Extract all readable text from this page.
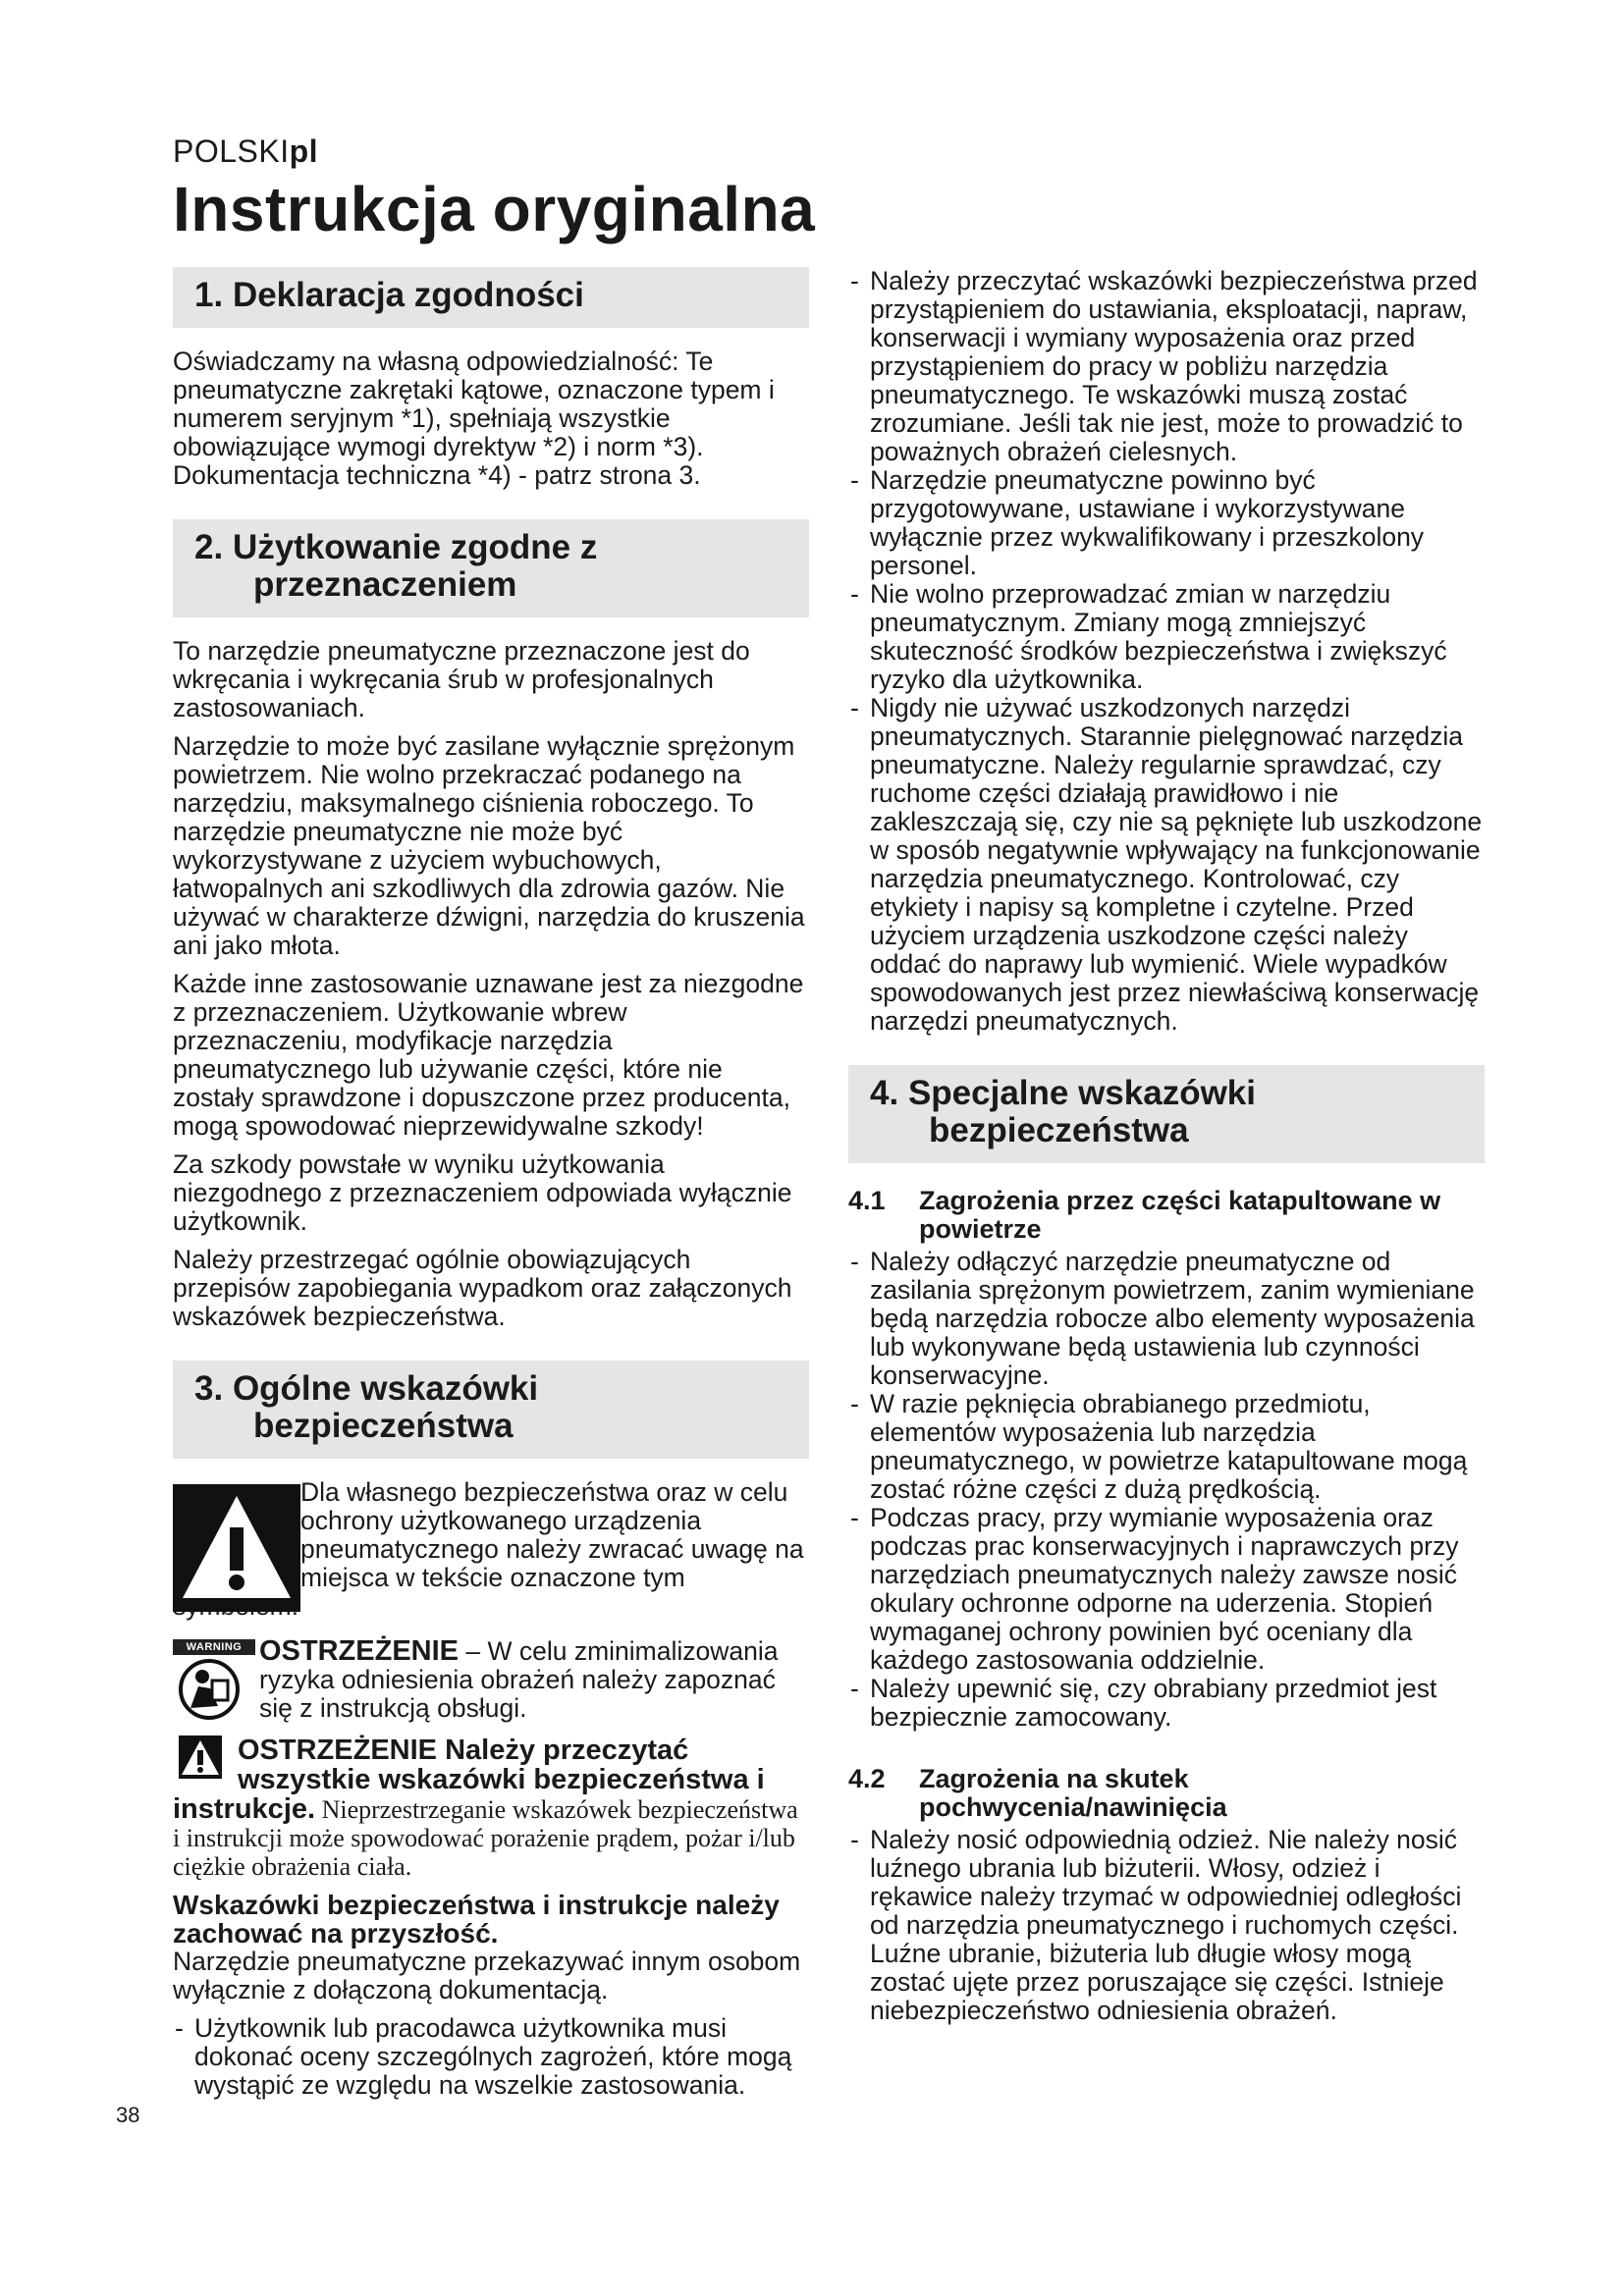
POLSKIpl
Instrukcja oryginalna
1. Deklaracja zgodności

Oświadczamy na własną odpowiedzialność: Te pneumatyczne zakrętaki kątowe, oznaczone typem i numerem seryjnym *1), spełniają wszystkie obowiązujące wymogi dyrektyw *2) i norm *3). Dokumentacja techniczna *4) - patrz strona 3.

2. Użytkowanie zgodne z
przeznaczeniem

To narzędzie pneumatyczne przeznaczone jest do wkręcania i wykręcania śrub w profesjonalnych zastosowaniach.

Narzędzie to może być zasilane wyłącznie sprężonym powietrzem. Nie wolno przekraczać podanego na narzędziu, maksymalnego ciśnienia roboczego. To narzędzie pneumatyczne nie może być wykorzystywane z użyciem wybuchowych, łatwopalnych ani szkodliwych dla zdrowia gazów. Nie używać w charakterze dźwigni, narzędzia do kruszenia ani jako młota.

Każde inne zastosowanie uznawane jest za niezgodne z przeznaczeniem. Użytkowanie wbrew przeznaczeniu, modyfikacje narzędzia pneumatycznego lub używanie części, które nie zostały sprawdzone i dopuszczone przez producenta, mogą spowodować nieprzewidywalne szkody!

Za szkody powstałe w wyniku użytkowania niezgodnego z przeznaczeniem odpowiada wyłącznie użytkownik.

Należy przestrzegać ogólnie obowiązujących przepisów zapobiegania wypadkom oraz załączonych wskazówek bezpieczeństwa.

3. Ogólne wskazówki
bezpieczeństwa
Dla własnego bezpieczeństwa oraz w celu ochrony użytkowanego urządzenia pneumatycznego należy zwracać uwagę na miejsca w tekście oznaczone tym
WARNING OSTRZEŻENIE – W celu zminimalizowania ryzyka odniesienia obrażeń należy zapoznać się z instrukcją obsługi.
OSTRZEŻENIE Należy przeczytać wszystkie wskazówki bezpieczeństwa i instrukcje. Nieprzestrzeganie wskazówek bezpieczeństwa i instrukcji może spowodować porażenie prądem, pożar i/lub ciężkie obrażenia ciała.
Wskazówki bezpieczeństwa i instrukcje należy zachować na przyszłość.

Narzędzie pneumatyczne przekazywać innym osobom wyłącznie z dołączoną dokumentacją.

- Użytkownik lub pracodawca użytkownika musi dokonać oceny szczególnych zagrożeń, które mogą wystąpić ze względu na wszelkie zastosowania.
- Należy przeczytać wskazówki bezpieczeństwa przed przystąpieniem do ustawiania, eksploatacji, napraw, konserwacji i wymiany wyposażenia oraz przed przystąpieniem do pracy w pobliżu narzędzia pneumatycznego. Te wskazówki muszą zostać zrozumiane. Jeśli tak nie jest, może to prowadzić to poważnych obrażeń cielesnych.
- Narzędzie pneumatyczne powinno być przygotowywane, ustawiane i wykorzystywane wyłącznie przez wykwalifikowany i przeszkolony personel.
- Nie wolno przeprowadzać zmian w narzędziu pneumatycznym. Zmiany mogą zmniejszyć skuteczność środków bezpieczeństwa i zwiększyć ryzyko dla użytkownika.
- Nigdy nie używać uszkodzonych narzędzi pneumatycznych. Starannie pielęgnować narzędzia pneumatyczne. Należy regularnie sprawdzać, czy ruchome części działają prawidłowo i nie zakleszczają się, czy nie są pęknięte lub uszkodzone w sposób negatywnie wpływający na funkcjonowanie narzędzia pneumatycznego. Kontrolować, czy etykiety i napisy są kompletne i czytelne. Przed użyciem urządzenia uszkodzone części należy oddać do naprawy lub wymienić. Wiele wypadków spowodowanych jest przez niewłaściwą konserwację narzędzi pneumatycznych.
4. Specjalne wskazówki
bezpieczeństwa
4.1	Zagrożenia przez części katapultowane w powietrze
- Należy odłączyć narzędzie pneumatyczne od zasilania sprężonym powietrzem, zanim wymieniane będą narzędzia robocze albo elementy wyposażenia lub wykonywane będą ustawienia lub czynności konserwacyjne.
- W razie pęknięcia obrabianego przedmiotu, elementów wyposażenia lub narzędzia pneumatycznego, w powietrze katapultowane mogą zostać różne części z dużą prędkością.
- Podczas pracy, przy wymianie wyposażenia oraz podczas prac konserwacyjnych i naprawczych przy narzędziach pneumatycznych należy zawsze nosić okulary ochronne odporne na uderzenia. Stopień wymaganej ochrony powinien być oceniany dla każdego zastosowania oddzielnie.
- Należy upewnić się, czy obrabiany przedmiot jest bezpiecznie zamocowany.
4.2	Zagrożenia na skutek pochwycenia/nawinięcia
- Należy nosić odpowiednią odzież. Nie należy nosić luźnego ubrania lub biżuterii. Włosy, odzież i rękawice należy trzymać w odpowiedniej odległości od narzędzia pneumatycznego i ruchomych części. Luźne ubranie, biżuteria lub długie włosy mogą zostać ujęte przez poruszające się części. Istnieje niebezpieczeństwo odniesienia obrażeń.
38
